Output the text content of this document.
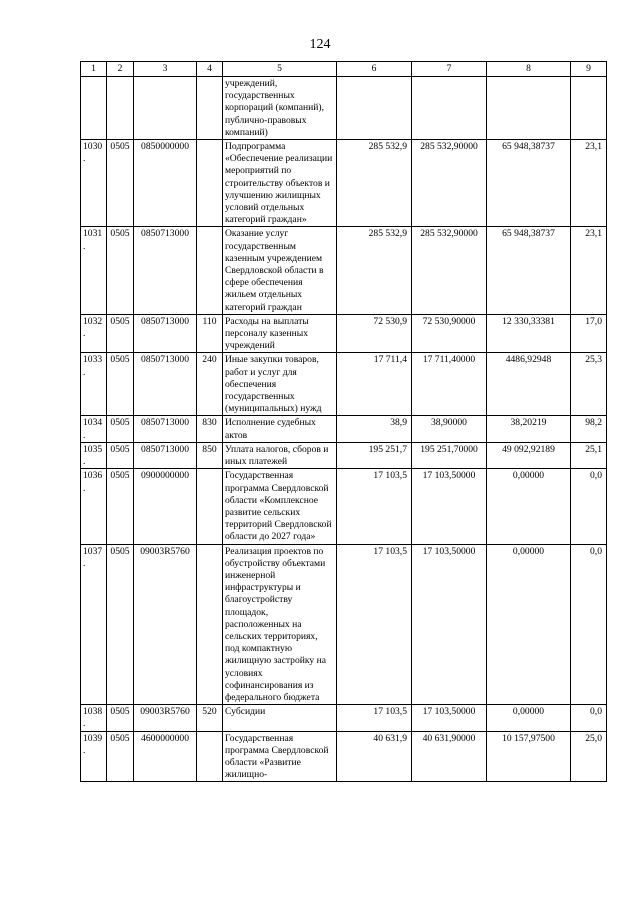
124
1	2	3	4	5	6	7	8	9
				учреждений, государственных корпораций (компаний), публично-правовых компаний)				
1030.	0505	0850000000		Подпрограмма «Обеспечение реализации мероприятий по строительству объектов и улучшению жилищных условий отдельных категорий граждан»	285 532,9	285 532,90000	65 948,38737	23,1
1031.	0505	0850713000		Оказание услуг государственным казенным учреждением Свердловской области в сфере обеспечения жильем отдельных категорий граждан	285 532,9	285 532,90000	65 948,38737	23,1
1032.	0505	0850713000	110	Расходы на выплаты персоналу казенных учреждений	72 530,9	72 530,90000	12 330,33381	17,0
1033.	0505	0850713000	240	Иные закупки товаров, работ и услуг для обеспечения государственных (муниципальных) нужд	17 711,4	17 711,40000	4486,92948	25,3
1034.	0505	0850713000	830	Исполнение судебных актов	38,9	38,90000	38,20219	98,2
1035.	0505	0850713000	850	Уплата налогов, сборов и иных платежей	195 251,7	195 251,70000	49 092,92189	25,1
1036.	0505	0900000000		Государственная программа Свердловской области «Комплексное развитие сельских территорий Свердловской области до 2027 года»	17 103,5	17 103,50000	0,00000	0,0
1037.	0505	09003R5760		Реализация проектов по обустройству объектами инженерной инфраструктуры и благоустройству площадок, расположенных на сельских территориях, под компактную жилищную застройку на условиях софинансирования из федерального бюджета	17 103,5	17 103,50000	0,00000	0,0
1038.	0505	09003R5760	520	Субсидии	17 103,5	17 103,50000	0,00000	0,0
1039.	0505	4600000000		Государственная программа Свердловской области «Развитие жилищно-	40 631,9	40 631,90000	10 157,97500	25,0
